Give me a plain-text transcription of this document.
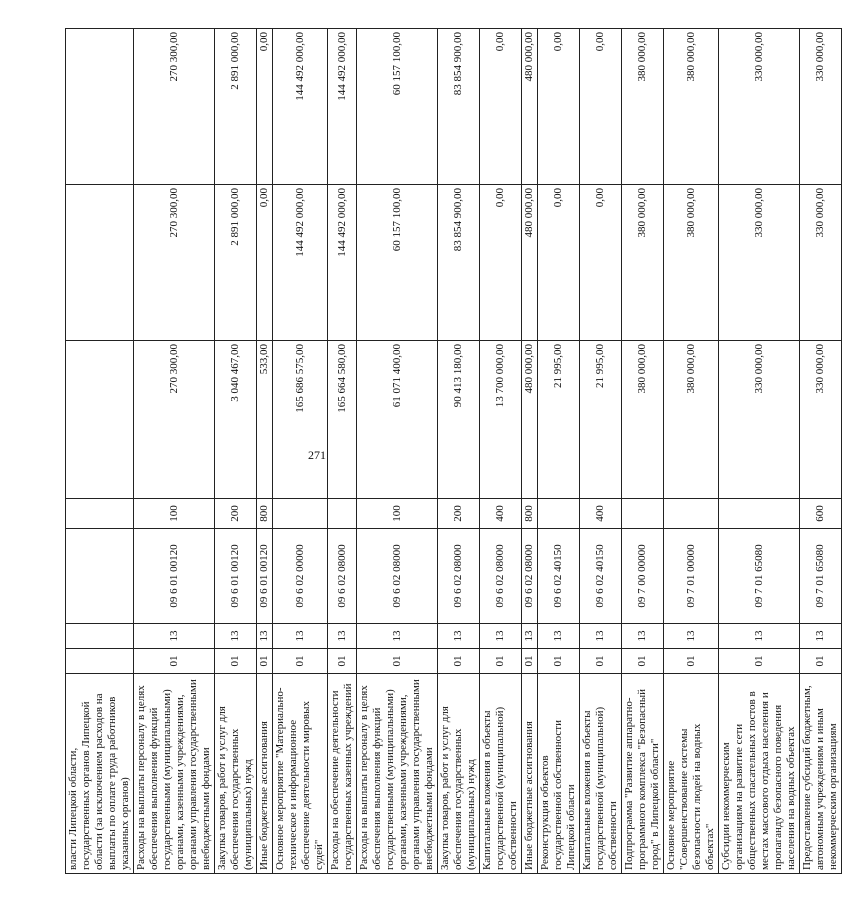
271
власти Липецкой области, государственных органов Липецкой области (за исключением расходов на выплаты по оплате труда работников указанных органов)							
Расходы на выплаты персоналу в целях обеспечения выполнения функций государственными (муниципальными) органами, казенными учреждениями, органами управления государственными внебюджетными фондами	01	13	09 6 01 00120	100	270 300,00	270 300,00	270 300,00
Закупка товаров, работ и услуг для обеспечения государственных (муниципальных) нужд	01	13	09 6 01 00120	200	3 040 467,00	2 891 000,00	2 891 000,00
Иные бюджетные ассигнования	01	13	09 6 01 00120	800	533,00	0,00	0,00
Основное мероприятие "Материально-техническое и информационное обеспечение деятельности мировых судей"	01	13	09 6 02 00000		165 686 575,00	144 492 000,00	144 492 000,00
Расходы на обеспечение деятельности государственных казенных учреждений	01	13	09 6 02 08000		165 664 580,00	144 492 000,00	144 492 000,00
Расходы на выплаты персоналу в целях обеспечения выполнения функций государственными (муниципальными) органами, казенными учреждениями, органами управления государственными внебюджетными фондами	01	13	09 6 02 08000	100	61 071 400,00	60 157 100,00	60 157 100,00
Закупка товаров, работ и услуг для обеспечения государственных (муниципальных) нужд	01	13	09 6 02 08000	200	90 413 180,00	83 854 900,00	83 854 900,00
Капитальные вложения в объекты государственной (муниципальной) собственности	01	13	09 6 02 08000	400	13 700 000,00	0,00	0,00
Иные бюджетные ассигнования	01	13	09 6 02 08000	800	480 000,00	480 000,00	480 000,00
Реконструкция объектов государственной собственности Липецкой области	01	13	09 6 02 40150		21 995,00	0,00	0,00
Капитальные вложения в объекты государственной (муниципальной) собственности	01	13	09 6 02 40150	400	21 995,00	0,00	0,00
Подпрограмма "Развитие аппаратно-программного комплекса "Безопасный город" в Липецкой области"	01	13	09 7 00 00000		380 000,00	380 000,00	380 000,00
Основное мероприятие "Совершенствование системы безопасности людей на водных объектах"	01	13	09 7 01 00000		380 000,00	380 000,00	380 000,00
Субсидии некоммерческим организациям на развитие сети общественных спасательных постов в местах массового отдыха населения и пропаганду безопасного поведения населения на водных объектах	01	13	09 7 01 65080		330 000,00	330 000,00	330 000,00
Предоставление субсидий бюджетным, автономным учреждениям и иным некоммерческим организациям	01	13	09 7 01 65080	600	330 000,00	330 000,00	330 000,00
